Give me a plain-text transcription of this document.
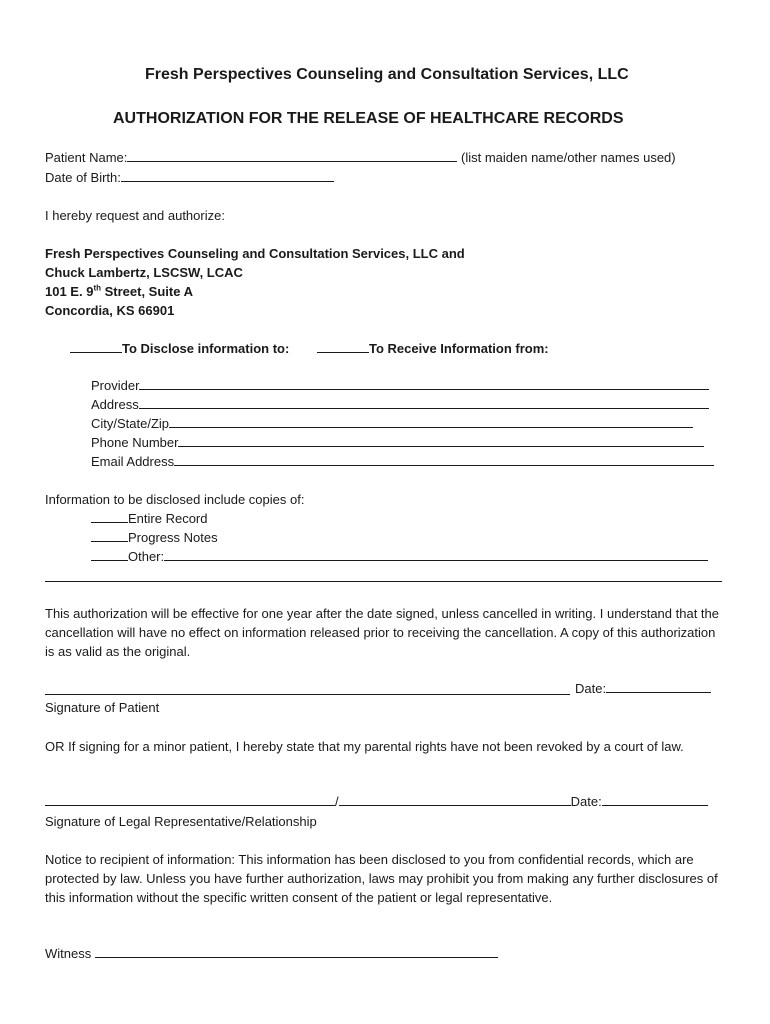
Fresh Perspectives Counseling and Consultation Services, LLC
AUTHORIZATION FOR THE RELEASE OF HEALTHCARE RECORDS
Patient Name:	(list maiden name/other names used)
Date of Birth:
I hereby request and authorize:
Fresh Perspectives Counseling and Consultation Services, LLC and
Chuck Lambertz, LSCSW, LCAC
101 E. 9th Street, Suite A
Concordia, KS 66901
To Disclose information to:	To Receive Information from:
Provider
Address
City/State/Zip
Phone Number
Email Address
Information to be disclosed include copies of:
Entire Record
Progress Notes
Other:
This authorization will be effective for one year after the date signed, unless cancelled in writing. I understand that the cancellation will have no effect on information released prior to receiving the cancellation. A copy of this authorization is as valid as the original.
Date:
Signature of Patient
OR If signing for a minor patient, I hereby state that my parental rights have not been revoked by a court of law.
/	Date:
Signature of Legal Representative/Relationship
Notice to recipient of information: This information has been disclosed to you from confidential records, which are protected by law. Unless you have further authorization, laws may prohibit you from making any further disclosures of this information without the specific written consent of the patient or legal representative.
Witness
